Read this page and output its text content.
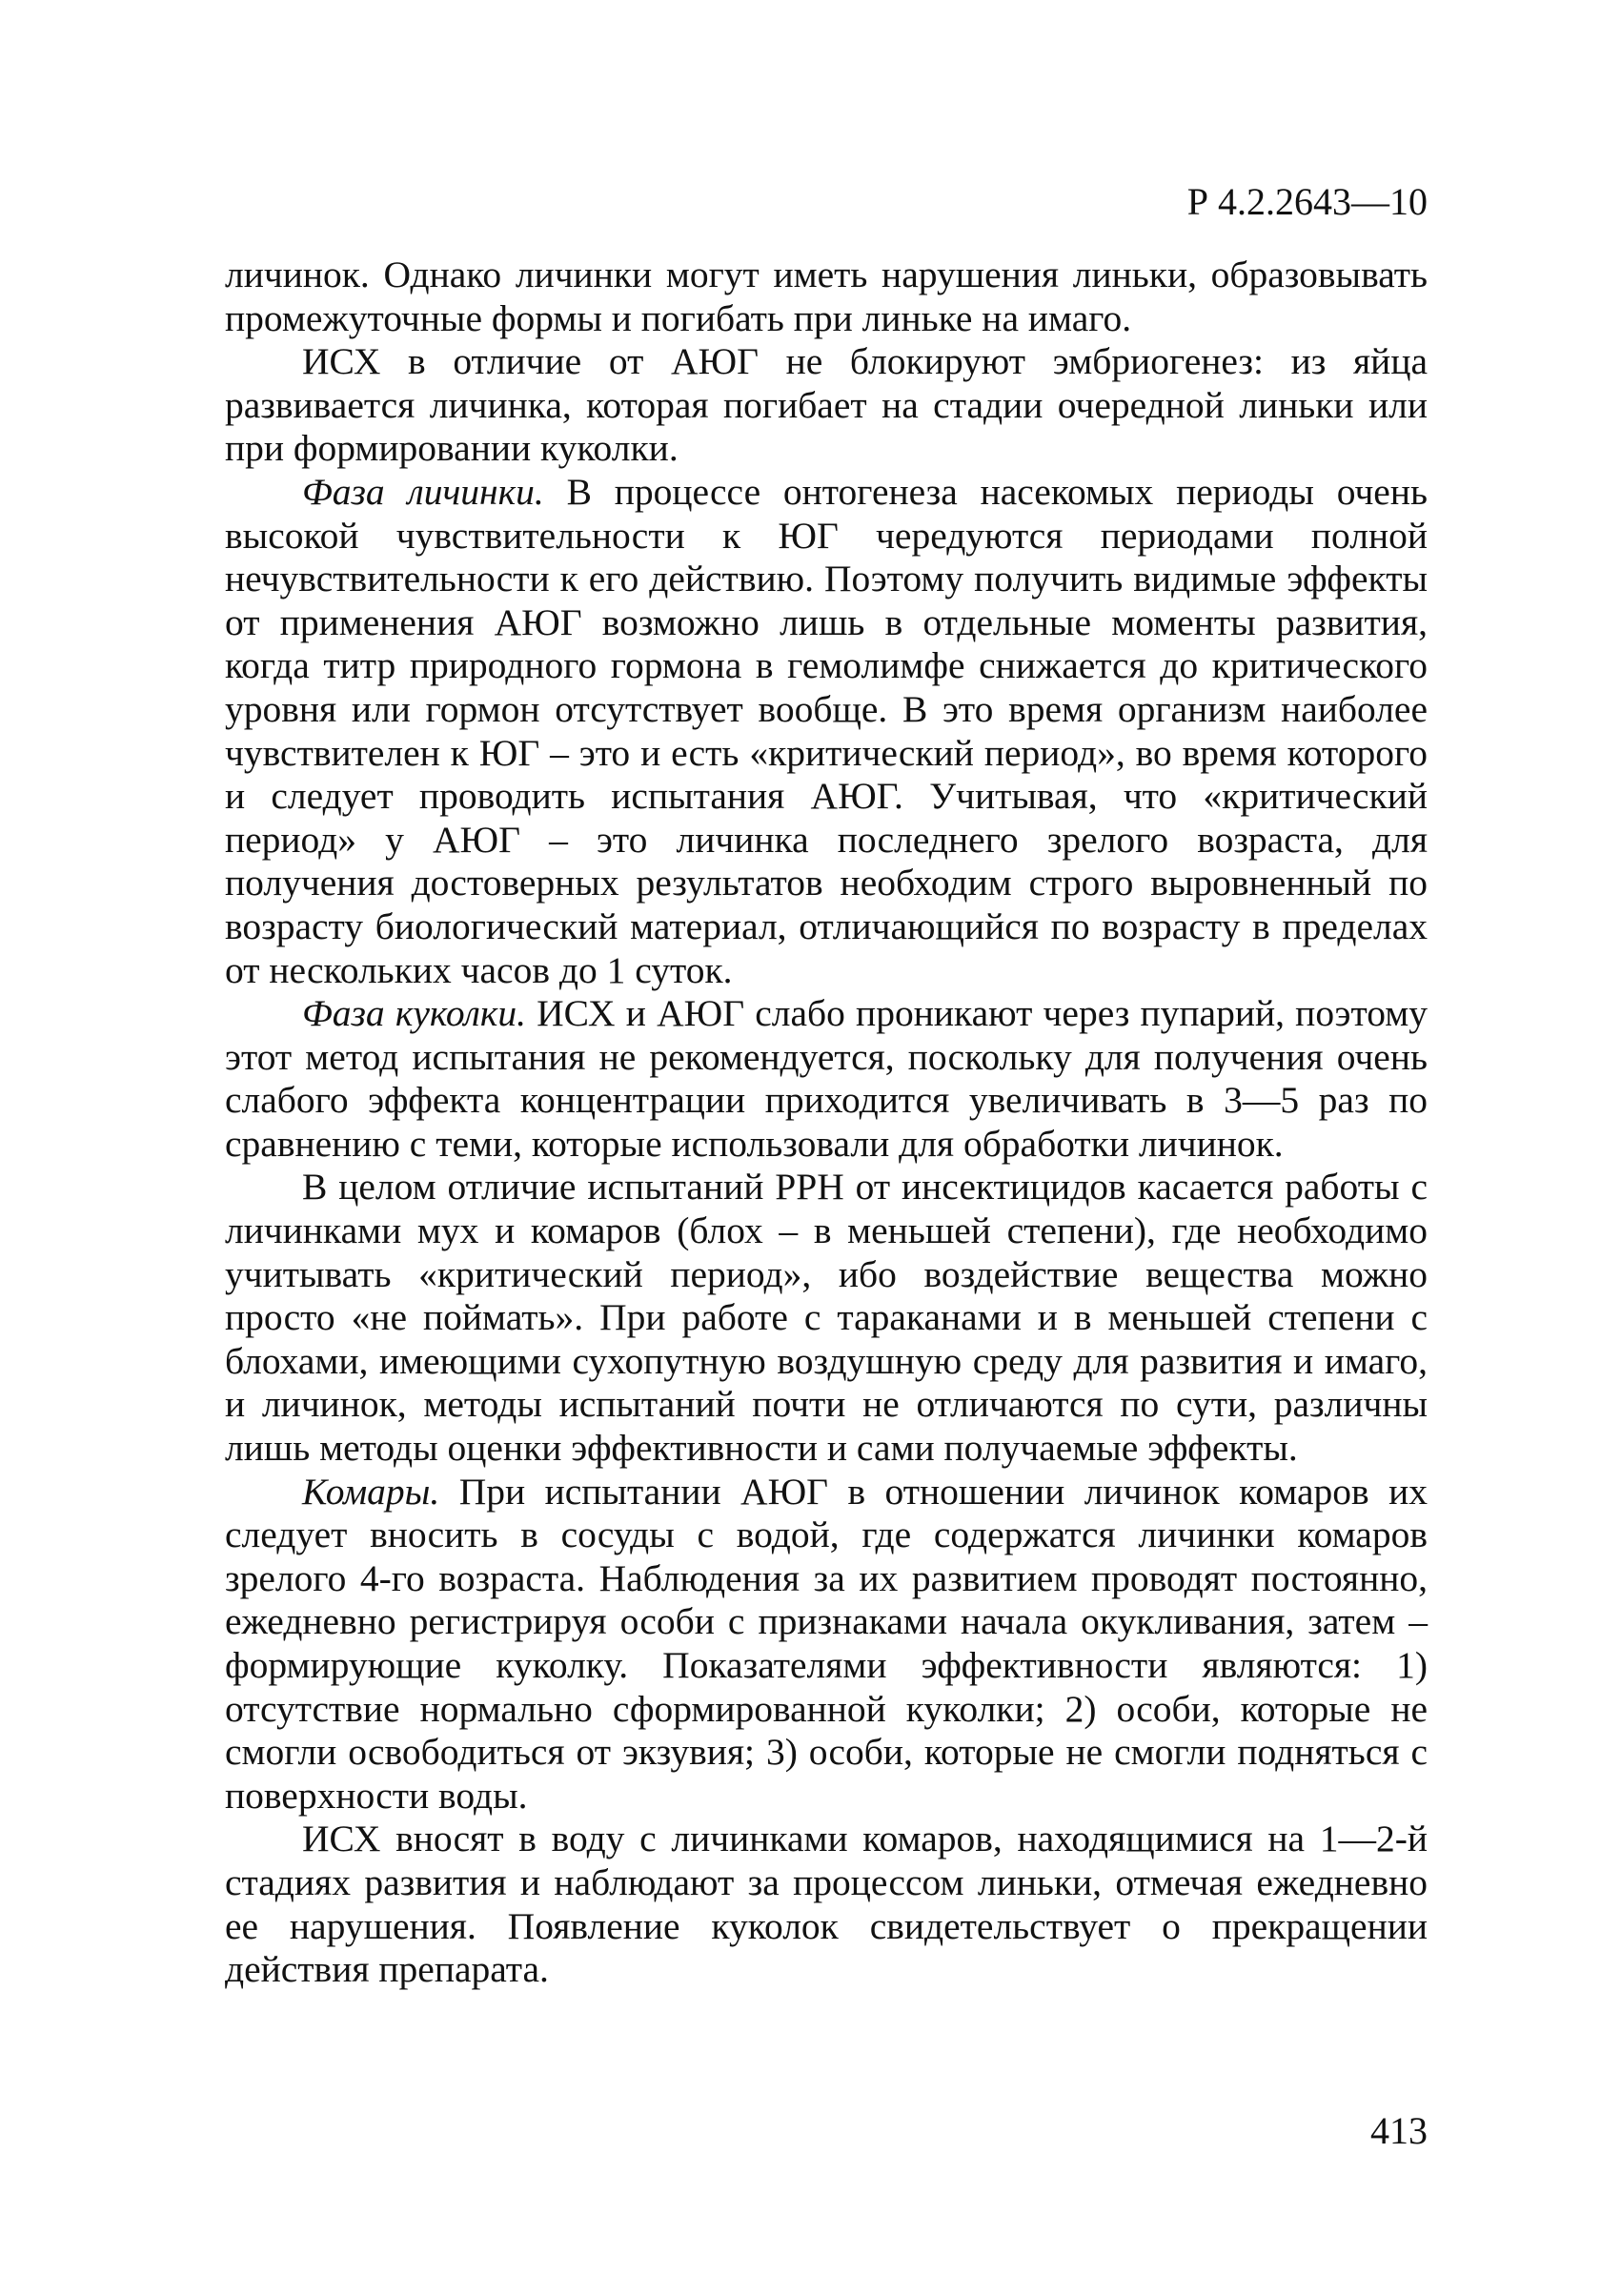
Р 4.2.2643—10

личинок. Однако личинки могут иметь нарушения линьки, образовывать промежуточные формы и погибать при линьке на имаго.

ИСХ в отличие от АЮГ не блокируют эмбриогенез: из яйца развивается личинка, которая погибает на стадии очередной линьки или при формировании куколки.

Фаза личинки. В процессе онтогенеза насекомых периоды очень высокой чувствительности к ЮГ чередуются периодами полной нечувствительности к его действию. Поэтому получить видимые эффекты от применения АЮГ возможно лишь в отдельные моменты развития, когда титр природного гормона в гемолимфе снижается до критического уровня или гормон отсутствует вообще. В это время организм наиболее чувствителен к ЮГ – это и есть «критический период», во время которого и следует проводить испытания АЮГ. Учитывая, что «критический период» у АЮГ – это личинка последнего зрелого возраста, для получения достоверных результатов необходим строго выровненный по возрасту биологический материал, отличающийся по возрасту в пределах от нескольких часов до 1 суток.

Фаза куколки. ИСХ и АЮГ слабо проникают через пупарий, поэтому этот метод испытания не рекомендуется, поскольку для получения очень слабого эффекта концентрации приходится увеличивать в 3—5 раз по сравнению с теми, которые использовали для обработки личинок.

В целом отличие испытаний РРН от инсектицидов касается работы с личинками мух и комаров (блох – в меньшей степени), где необходимо учитывать «критический период», ибо воздействие вещества можно просто «не поймать». При работе с тараканами и в меньшей степени с блохами, имеющими сухопутную воздушную среду для развития и имаго, и личинок, методы испытаний почти не отличаются по сути, различны лишь методы оценки эффективности и сами получаемые эффекты.

Комары. При испытании АЮГ в отношении личинок комаров их следует вносить в сосуды с водой, где содержатся личинки комаров зрелого 4-го возраста. Наблюдения за их развитием проводят постоянно, ежедневно регистрируя особи с признаками начала окукливания, затем – формирующие куколку. Показателями эффективности являются: 1) отсутствие нормально сформированной куколки; 2) особи, которые не смогли освободиться от экзувия; 3) особи, которые не смогли подняться с поверхности воды.

ИСХ вносят в воду с личинками комаров, находящимися на 1—2-й стадиях развития и наблюдают за процессом линьки, отмечая ежедневно ее нарушения. Появление куколок свидетельствует о прекращении действия препарата.

413
